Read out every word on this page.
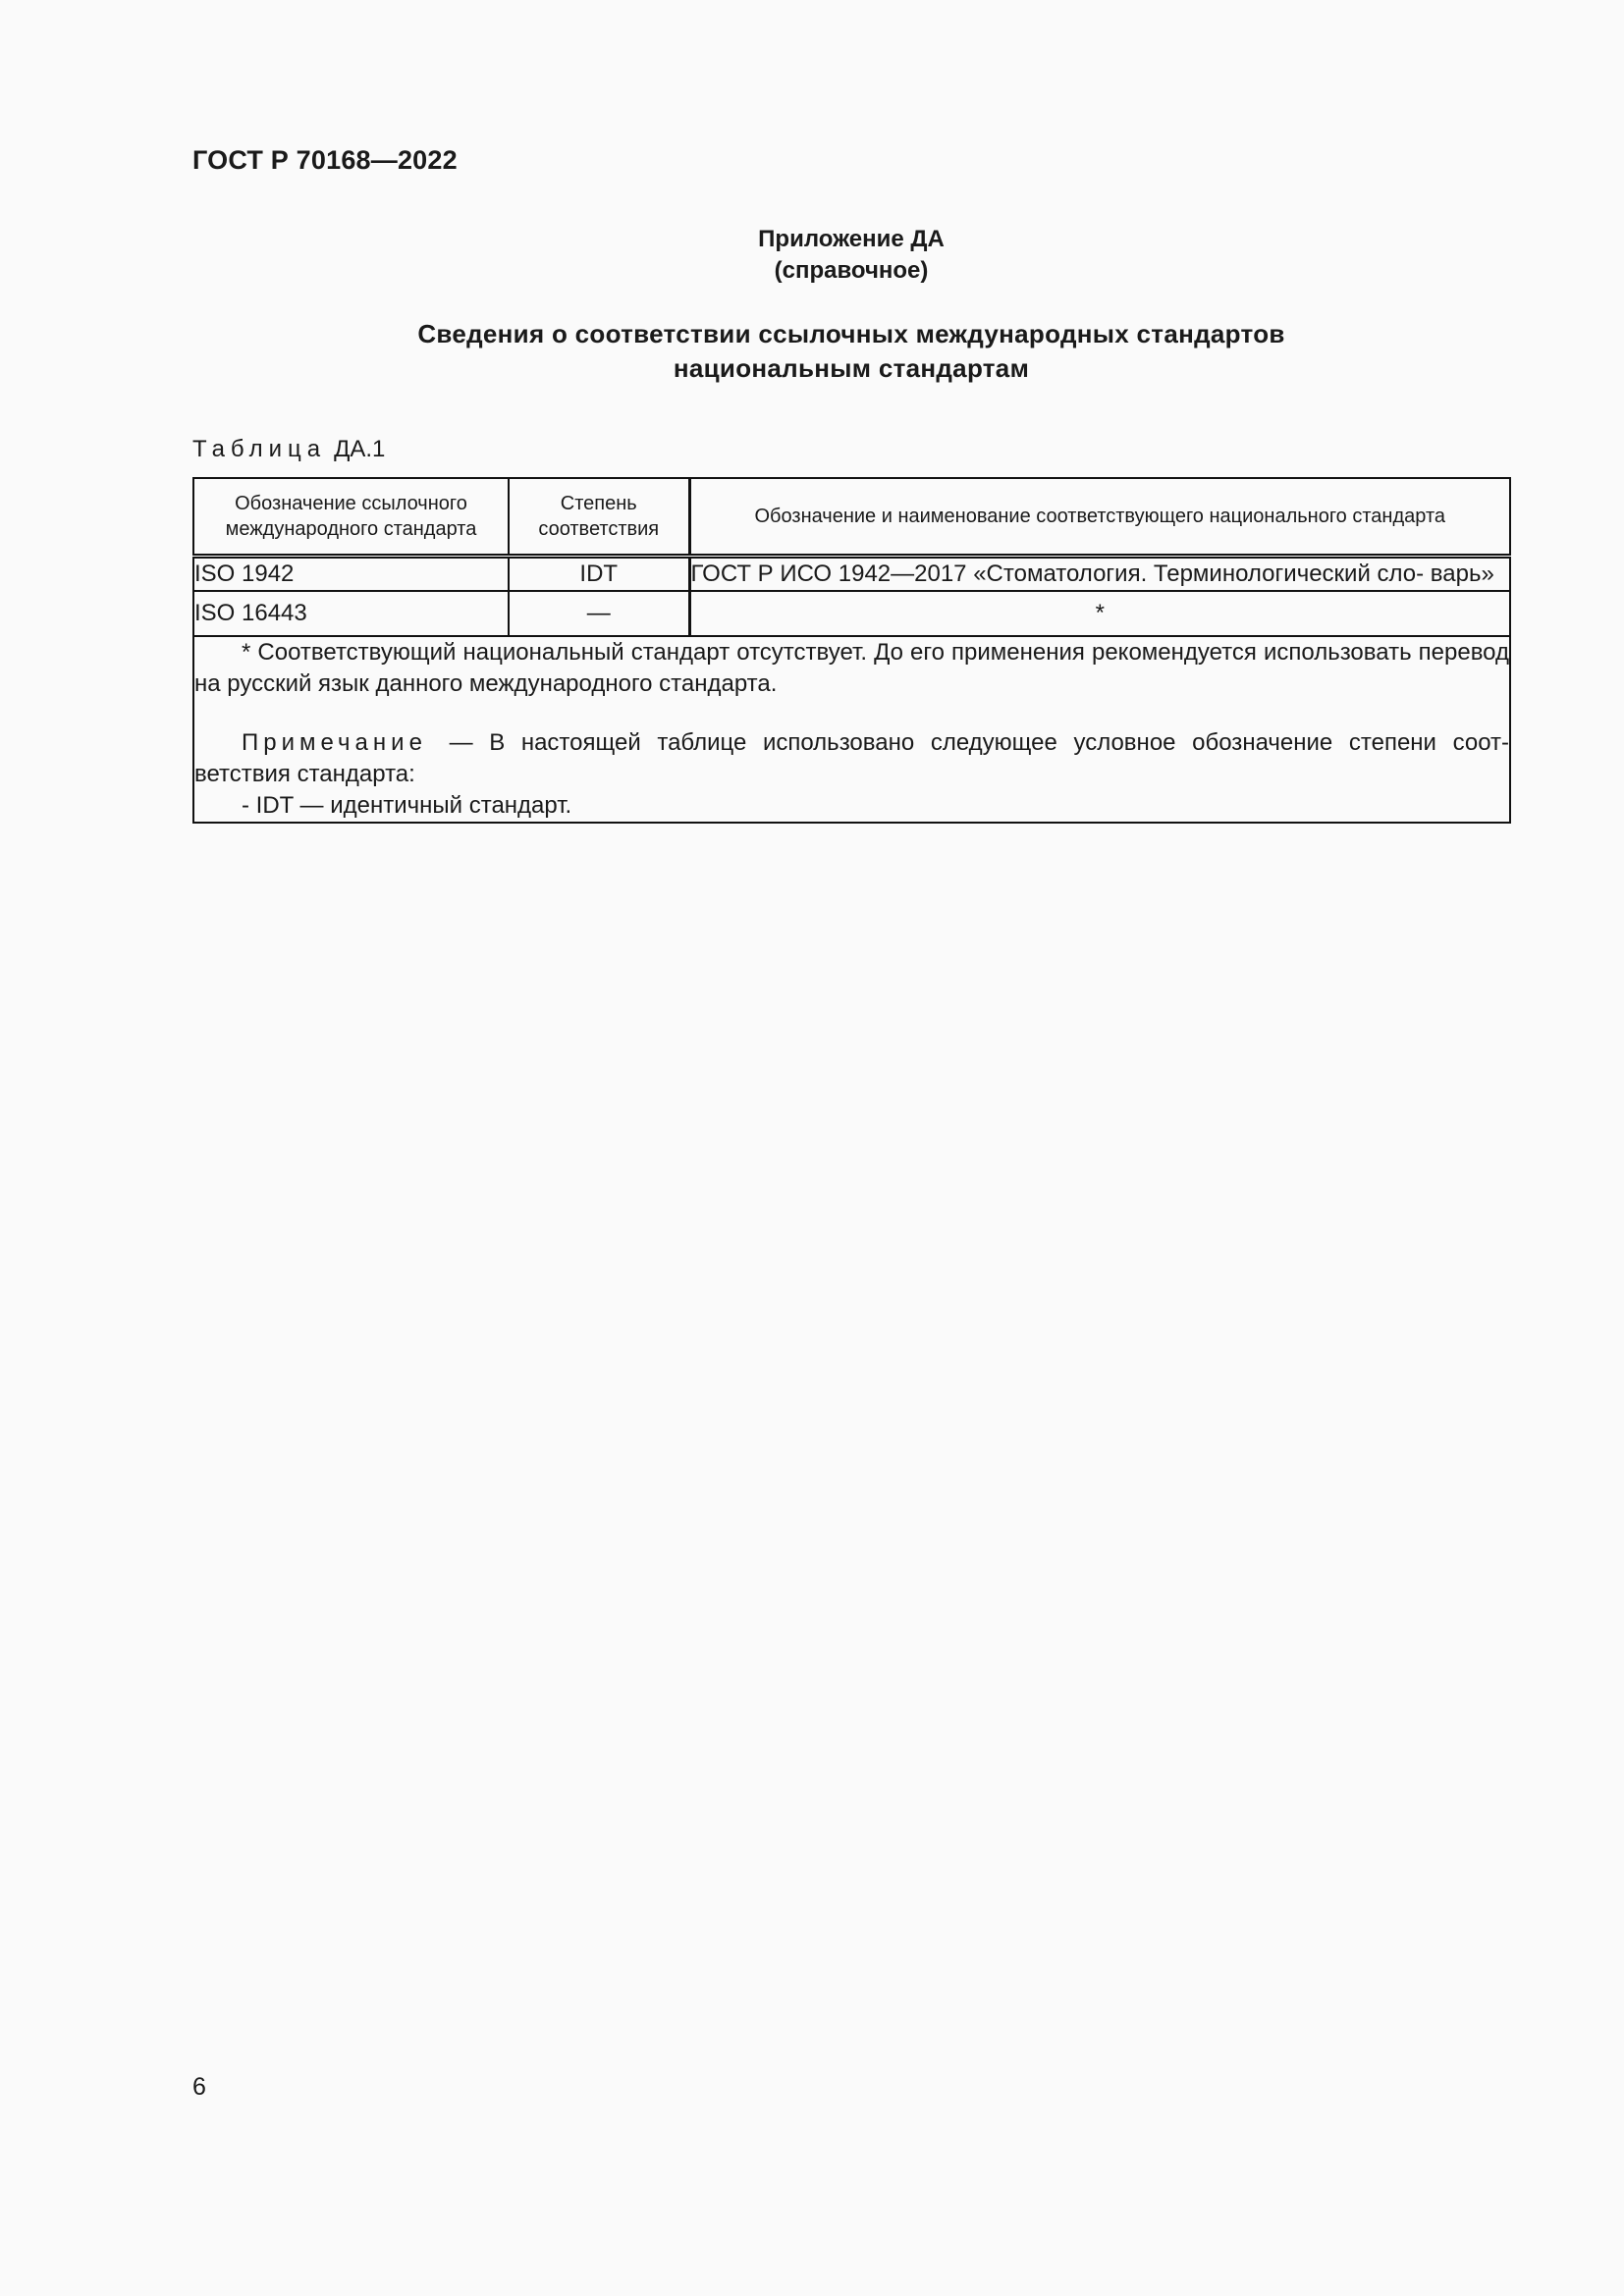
ГОСТ Р 70168—2022
Приложение ДА
(справочное)
Сведения о соответствии ссылочных международных стандартов
национальным стандартам
Таблица ДА.1
Обозначение ссылочного международного стандарта	Степень соответствия	Обозначение и наименование соответствующего национального стандарта
ISO 1942	IDT	ГОСТ Р ИСО 1942—2017 «Стоматология. Терминологический сло- варь»
ISO 16443	—	*

* Соответствующий национальный стандарт отсутствует. До его применения рекомендуется использовать перевод на русский язык данного международного стандарта.

Примечание — В настоящей таблице использовано следующее условное обозначение степени соот- ветствия стандарта:

- IDT — идентичный стандарт.		

6
